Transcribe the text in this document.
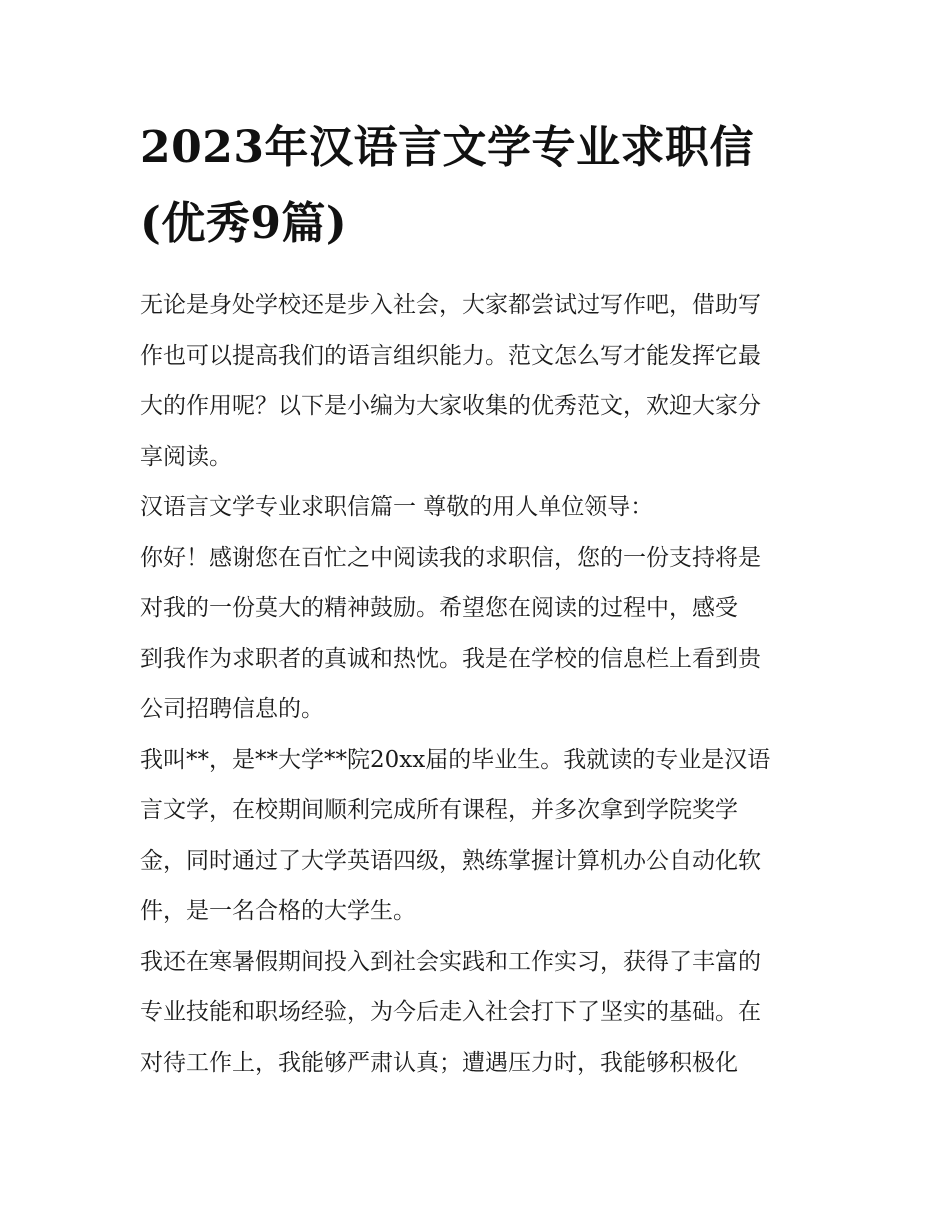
2023年汉语言文学专业求职信
(优秀9篇)
无论是身处学校还是步入社会，大家都尝试过写作吧，借助写
作也可以提高我们的语言组织能力。范文怎么写才能发挥它最
大的作用呢？以下是小编为大家收集的优秀范文，欢迎大家分
享阅读。
汉语言文学专业求职信篇一 尊敬的用人单位领导：
你好！感谢您在百忙之中阅读我的求职信，您的一份支持将是
对我的一份莫大的精神鼓励。希望您在阅读的过程中，感受
到我作为求职者的真诚和热忱。我是在学校的信息栏上看到贵
公司招聘信息的。
我叫**，是**大学**院20xx届的毕业生。我就读的专业是汉语
言文学，在校期间顺利完成所有课程，并多次拿到学院奖学
金，同时通过了大学英语四级，熟练掌握计算机办公自动化软
件，是一名合格的大学生。
我还在寒暑假期间投入到社会实践和工作实习，获得了丰富的
专业技能和职场经验，为今后走入社会打下了坚实的基础。在
对待工作上，我能够严肃认真；遭遇压力时，我能够积极化
